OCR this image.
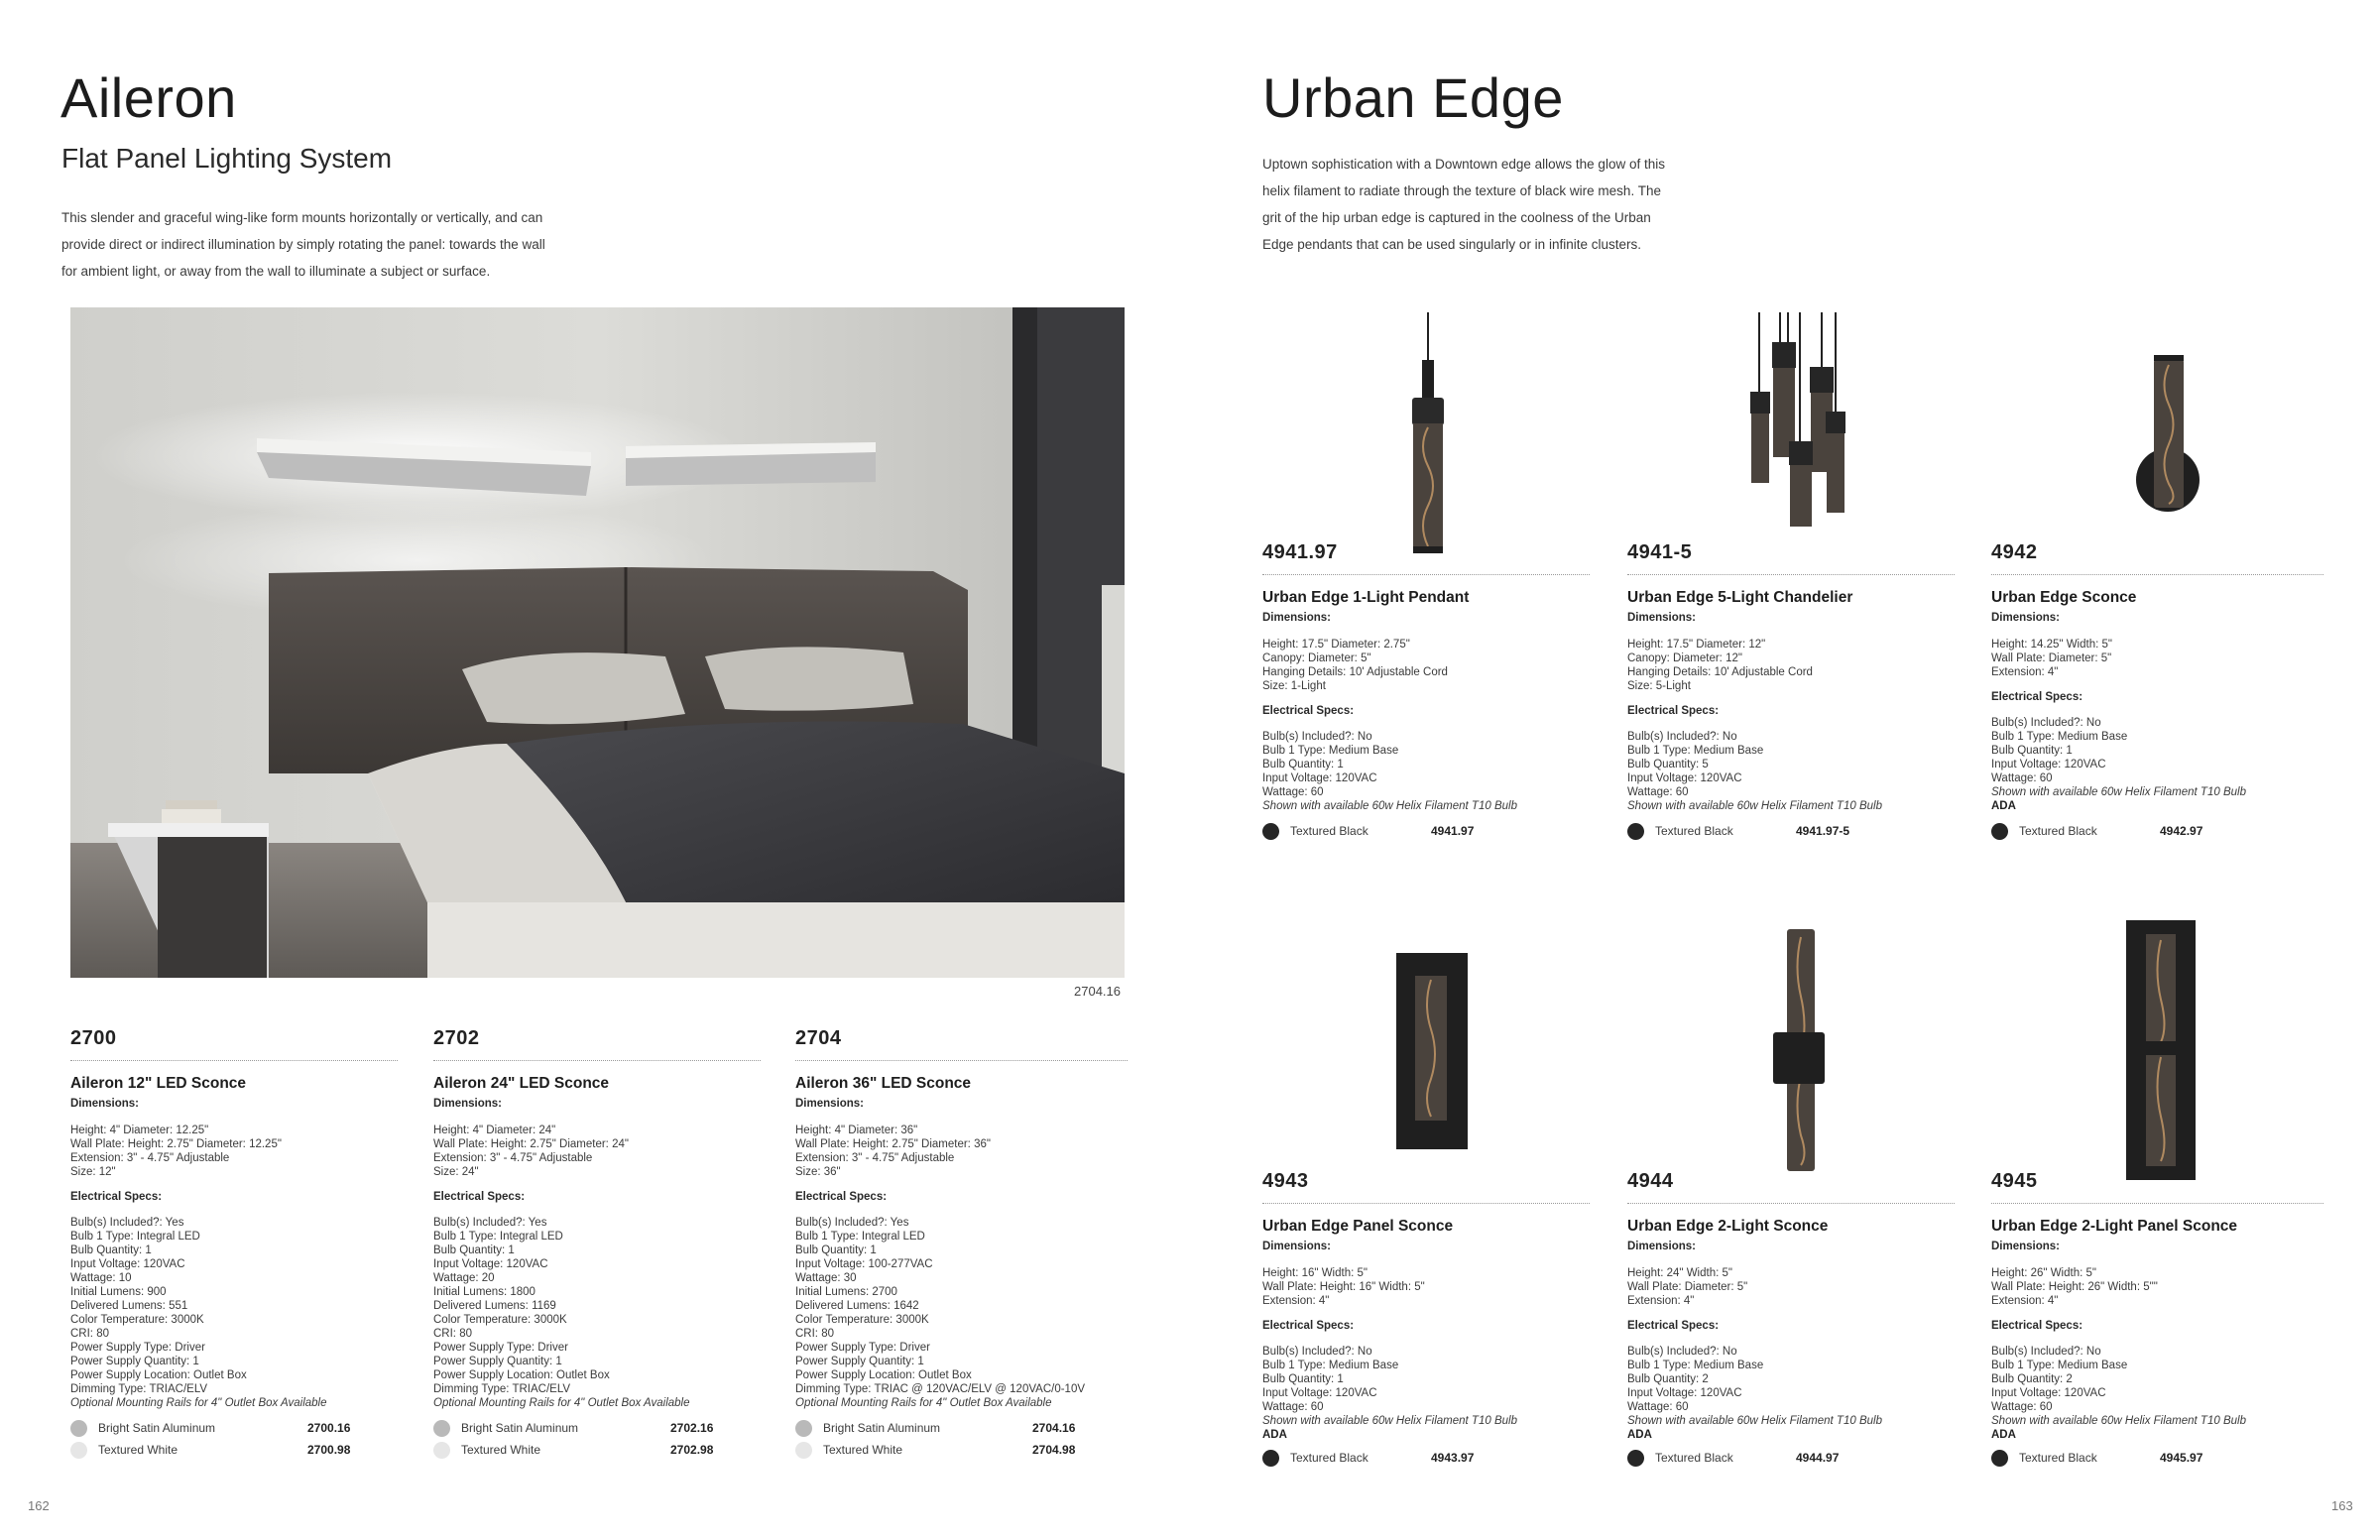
Aileron
Flat Panel Lighting System
This slender and graceful wing-like form mounts horizontally or vertically, and can
provide direct or indirect illumination by simply rotating the panel: towards the wall
for ambient light, or away from the wall to illuminate a subject or surface.
2704.16
2700
Aileron 12" LED Sconce
Dimensions:
Height: 4" Diameter: 12.25"
Wall Plate: Height: 2.75" Diameter: 12.25"
Extension: 3" - 4.75" Adjustable
Size: 12"
Electrical Specs:
Bulb(s) Included?: Yes
Bulb 1 Type: Integral LED
Bulb Quantity: 1
Input Voltage: 120VAC
Wattage: 10
Initial Lumens: 900
Delivered Lumens: 551
Color Temperature: 3000K
CRI: 80
Power Supply Type: Driver
Power Supply Quantity: 1
Power Supply Location: Outlet Box
Dimming Type: TRIAC/ELV
Optional Mounting Rails for 4" Outlet Box Available
Bright Satin Aluminum	2700.16
Textured White	2700.98
2702
Aileron 24" LED Sconce
Dimensions:
Height: 4" Diameter: 24"
Wall Plate: Height: 2.75" Diameter: 24"
Extension: 3" - 4.75" Adjustable
Size: 24"
Electrical Specs:
Bulb(s) Included?: Yes
Bulb 1 Type: Integral LED
Bulb Quantity: 1
Input Voltage: 120VAC
Wattage: 20
Initial Lumens: 1800
Delivered Lumens: 1169
Color Temperature: 3000K
CRI: 80
Power Supply Type: Driver
Power Supply Quantity: 1
Power Supply Location: Outlet Box
Dimming Type: TRIAC/ELV
Optional Mounting Rails for 4" Outlet Box Available
Bright Satin Aluminum	2702.16
Textured White	2702.98
2704
Aileron 36" LED Sconce
Dimensions:
Height: 4" Diameter: 36"
Wall Plate: Height: 2.75" Diameter: 36"
Extension: 3" - 4.75" Adjustable
Size: 36"
Electrical Specs:
Bulb(s) Included?: Yes
Bulb 1 Type: Integral LED
Bulb Quantity: 1
Input Voltage: 100-277VAC
Wattage: 30
Initial Lumens: 2700
Delivered Lumens: 1642
Color Temperature: 3000K
CRI: 80
Power Supply Type: Driver
Power Supply Quantity: 1
Power Supply Location: Outlet Box
Dimming Type: TRIAC @ 120VAC/ELV @ 120VAC/0-10V
Optional Mounting Rails for 4" Outlet Box Available
Bright Satin Aluminum	2704.16
Textured White	2704.98
162
Urban Edge
Uptown sophistication with a Downtown edge allows the glow of this
helix filament to radiate through the texture of black wire mesh. The
grit of the hip urban edge is captured in the coolness of the Urban
Edge pendants that can be used singularly or in infinite clusters.
4941.97
Urban Edge 1-Light Pendant
Dimensions:
Height: 17.5" Diameter: 2.75"
Canopy: Diameter: 5"
Hanging Details: 10' Adjustable Cord
Size: 1-Light
Electrical Specs:
Bulb(s) Included?: No
Bulb 1 Type: Medium Base
Bulb Quantity: 1
Input Voltage: 120VAC
Wattage: 60
Shown with available 60w Helix Filament T10 Bulb
Textured Black	4941.97
4941-5
Urban Edge 5-Light Chandelier
Dimensions:
Height: 17.5" Diameter: 12"
Canopy: Diameter: 12"
Hanging Details: 10' Adjustable Cord
Size: 5-Light
Electrical Specs:
Bulb(s) Included?: No
Bulb 1 Type: Medium Base
Bulb Quantity: 5
Input Voltage: 120VAC
Wattage: 60
Shown with available 60w Helix Filament T10 Bulb
Textured Black	4941.97-5
4942
Urban Edge Sconce
Dimensions:
Height: 14.25" Width: 5"
Wall Plate: Diameter: 5"
Extension: 4"
Electrical Specs:
Bulb(s) Included?: No
Bulb 1 Type: Medium Base
Bulb Quantity: 1
Input Voltage: 120VAC
Wattage: 60
Shown with available 60w Helix Filament T10 Bulb
ADA
Textured Black	4942.97
4943
Urban Edge Panel Sconce
Dimensions:
Height: 16" Width: 5"
Wall Plate: Height: 16" Width: 5"
Extension: 4"
Electrical Specs:
Bulb(s) Included?: No
Bulb 1 Type: Medium Base
Bulb Quantity: 1
Input Voltage: 120VAC
Wattage: 60
Shown with available 60w Helix Filament T10 Bulb
ADA
Textured Black	4943.97
4944
Urban Edge 2-Light Sconce
Dimensions:
Height: 24" Width: 5"
Wall Plate: Diameter: 5"
Extension: 4"
Electrical Specs:
Bulb(s) Included?: No
Bulb 1 Type: Medium Base
Bulb Quantity: 2
Input Voltage: 120VAC
Wattage: 60
Shown with available 60w Helix Filament T10 Bulb
ADA
Textured Black	4944.97
4945
Urban Edge 2-Light Panel Sconce
Dimensions:
Height: 26" Width: 5"
Wall Plate: Height: 26" Width: 5""
Extension: 4"
Electrical Specs:
Bulb(s) Included?: No
Bulb 1 Type: Medium Base
Bulb Quantity: 2
Input Voltage: 120VAC
Wattage: 60
Shown with available 60w Helix Filament T10 Bulb
ADA
Textured Black	4945.97
163
